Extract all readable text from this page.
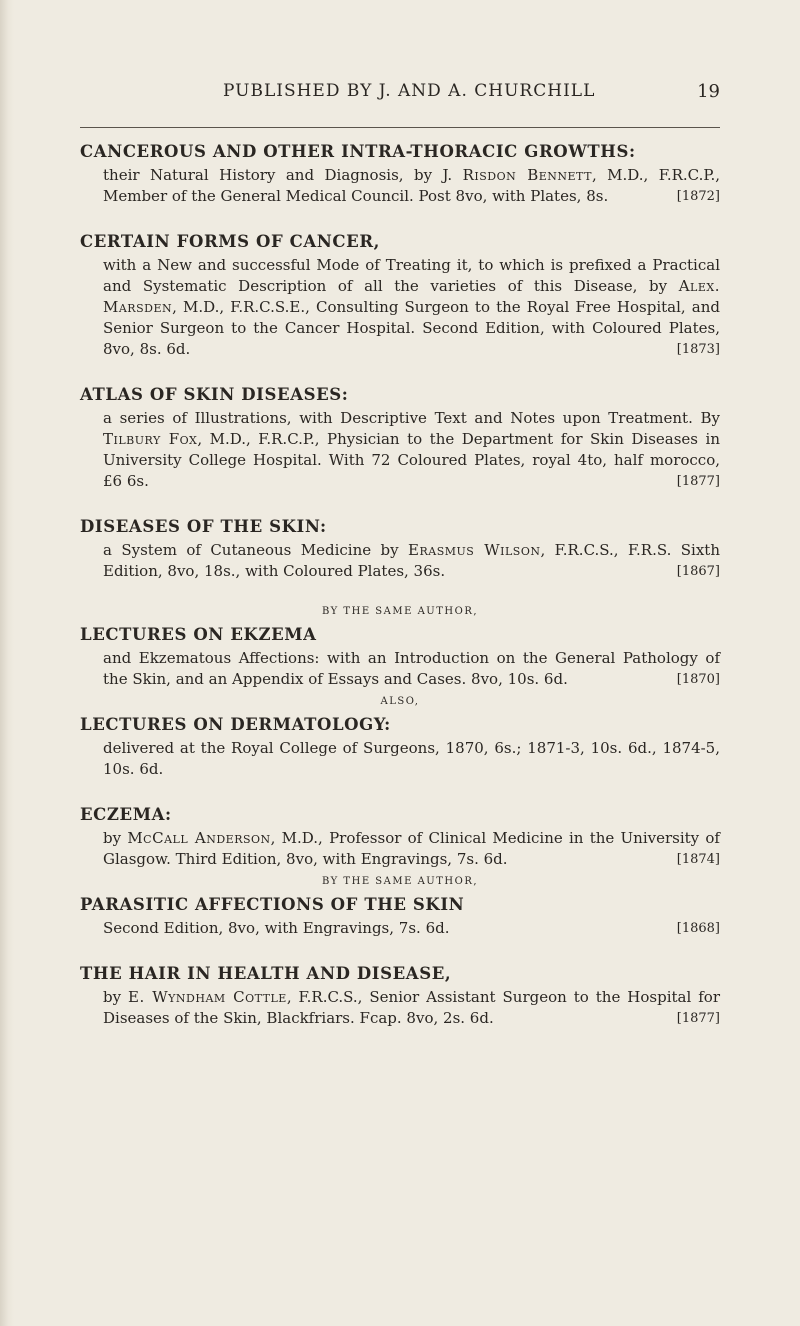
PUBLISHED BY J. AND A. CHURCHILL	19
CANCEROUS AND OTHER INTRA-THORACIC GROWTHS:
their Natural History and Diagnosis, by J. Risdon Bennett, M.D., F.R.C.P., Member of the General Medical Council. Post 8vo, with Plates, 8s.	[ 1872 ]
CERTAIN FORMS OF CANCER,
with a New and successful Mode of Treating it, to which is prefixed a Practical and Systematic Description of all the varieties of this Disease, by Alex. Marsden, M.D., F.R.C.S.E., Consulting Surgeon to the Royal Free Hospital, and Senior Surgeon to the Cancer Hospital. Second Edition, with Coloured Plates, 8vo, 8s. 6d.	[ 1873 ]
ATLAS OF SKIN DISEASES:
a series of Illustrations, with Descriptive Text and Notes upon Treatment. By Tilbury Fox, M.D., F.R.C.P., Physician to the Department for Skin Diseases in University College Hospital. With 72 Coloured Plates, royal 4to, half morocco, £6 6s.	[ 1877 ]
DISEASES OF THE SKIN:
a System of Cutaneous Medicine by Erasmus Wilson, F.R.C.S., F.R.S. Sixth Edition, 8vo, 18s., with Coloured Plates, 36s.	[ 1867 ]
BY THE SAME AUTHOR,
LECTURES ON EKZEMA
and Ekzematous Affections: with an Introduction on the General Pathology of the Skin, and an Appendix of Essays and Cases. 8vo, 10s. 6d.	[ 1870 ]
ALSO,
LECTURES ON DERMATOLOGY:
delivered at the Royal College of Surgeons, 1870, 6s.; 1871-3, 10s. 6d., 1874-5, 10s. 6d.
ECZEMA:
by McCall Anderson, M.D., Professor of Clinical Medicine in the University of Glasgow. Third Edition, 8vo, with Engravings, 7s. 6d.	[ 1874 ]
BY THE SAME AUTHOR,
PARASITIC AFFECTIONS OF THE SKIN
Second Edition, 8vo, with Engravings, 7s. 6d.	[ 1868 ]
THE HAIR IN HEALTH AND DISEASE,
by E. Wyndham Cottle, F.R.C.S., Senior Assistant Surgeon to the Hospital for Diseases of the Skin, Blackfriars. Fcap. 8vo, 2s. 6d.	[ 1877 ]
